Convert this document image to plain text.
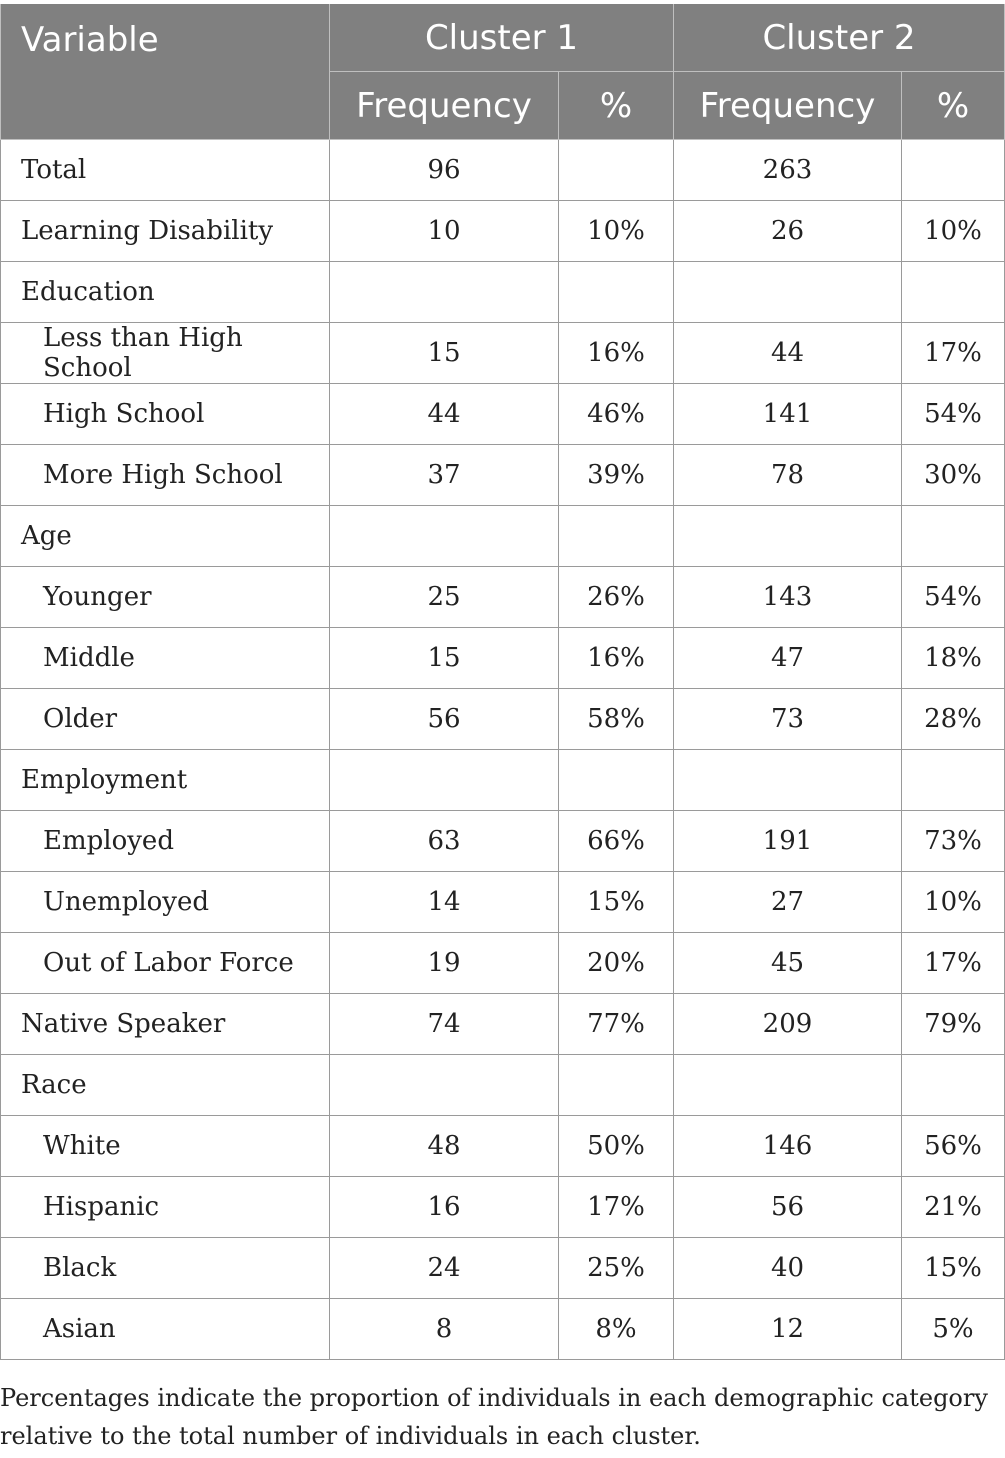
Variable	Cluster 1		Cluster 2	
	Frequency	%	Frequency	%
Total	96		263	
Learning Disability	10	10%	26	10%
Education				
Less than High School	15	16%	44	17%
High School	44	46%	141	54%
More High School	37	39%	78	30%
Age				
Younger	25	26%	143	54%
Middle	15	16%	47	18%
Older	56	58%	73	28%
Employment				
Employed	63	66%	191	73%
Unemployed	14	15%	27	10%
Out of Labor Force	19	20%	45	17%
Native Speaker	74	77%	209	79%
Race				
White	48	50%	146	56%
Hispanic	16	17%	56	21%
Black	24	25%	40	15%
Asian	8	8%	12	5%
Percentages indicate the proportion of individuals in each demographic category relative to the total number of individuals in each cluster.
